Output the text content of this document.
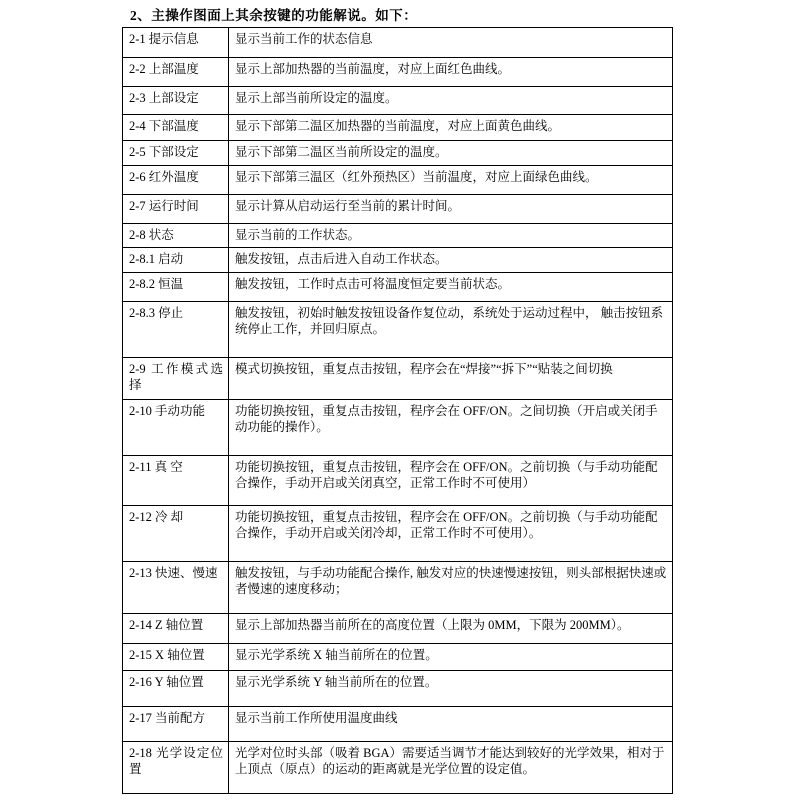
2、主操作图面上其余按键的功能解说。如下：
2-1 提示信息	显示当前工作的状态信息
2-2 上部温度	显示上部加热器的当前温度，对应上面红色曲线。
2-3 上部设定	显示上部当前所设定的温度。
2-4 下部温度	显示下部第二温区加热器的当前温度，对应上面黄色曲线。
2-5 下部设定	显示下部第二温区当前所设定的温度。
2-6 红外温度	显示下部第三温区（红外预热区）当前温度，对应上面绿色曲线。
2-7 运行时间	显示计算从启动运行至当前的累计时间。
2-8 状态	显示当前的工作状态。
2-8.1 启动	触发按钮，点击后进入自动工作状态。
2-8.2 恒温	触发按钮，工作时点击可将温度恒定要当前状态。
2-8.3 停止	触发按钮，初始时触发按钮设备作复位动，系统处于运动过程中， 触击按钮系统停止工作，并回归原点。
2-9 工作模式选择	模式切换按钮，重复点击按钮，程序会在“焊接”“拆下”“贴装之间切换
2-10 手动功能	功能切换按钮，重复点击按钮，程序会在 OFF/ON。之间切换（开启或关闭手动功能的操作）。
2-11 真 空	功能切换按钮，重复点击按钮，程序会在 OFF/ON。之前切换（与手动功能配合操作，手动开启或关闭真空，正常工作时不可使用）
2-12 冷 却	功能切换按钮，重复点击按钮，程序会在 OFF/ON。之前切换（与手动功能配合操作，手动开启或关闭冷却，正常工作时不可使用）。
2-13 快速、慢速	触发按钮，与手动功能配合操作, 触发对应的快速慢速按钮，则头部根据快速或者慢速的速度移动；
2-14 Z 轴位置	显示上部加热器当前所在的高度位置（上限为 0MM，下限为 200MM）。
2-15 X 轴位置	显示光学系统 X 轴当前所在的位置。
2-16 Y 轴位置	显示光学系统 Y 轴当前所在的位置。
2-17 当前配方	显示当前工作所使用温度曲线
2-18 光学设定位置	光学对位时头部（吸着 BGA）需要适当调节才能达到较好的光学效果，相对于上顶点（原点）的运动的距离就是光学位置的设定值。
